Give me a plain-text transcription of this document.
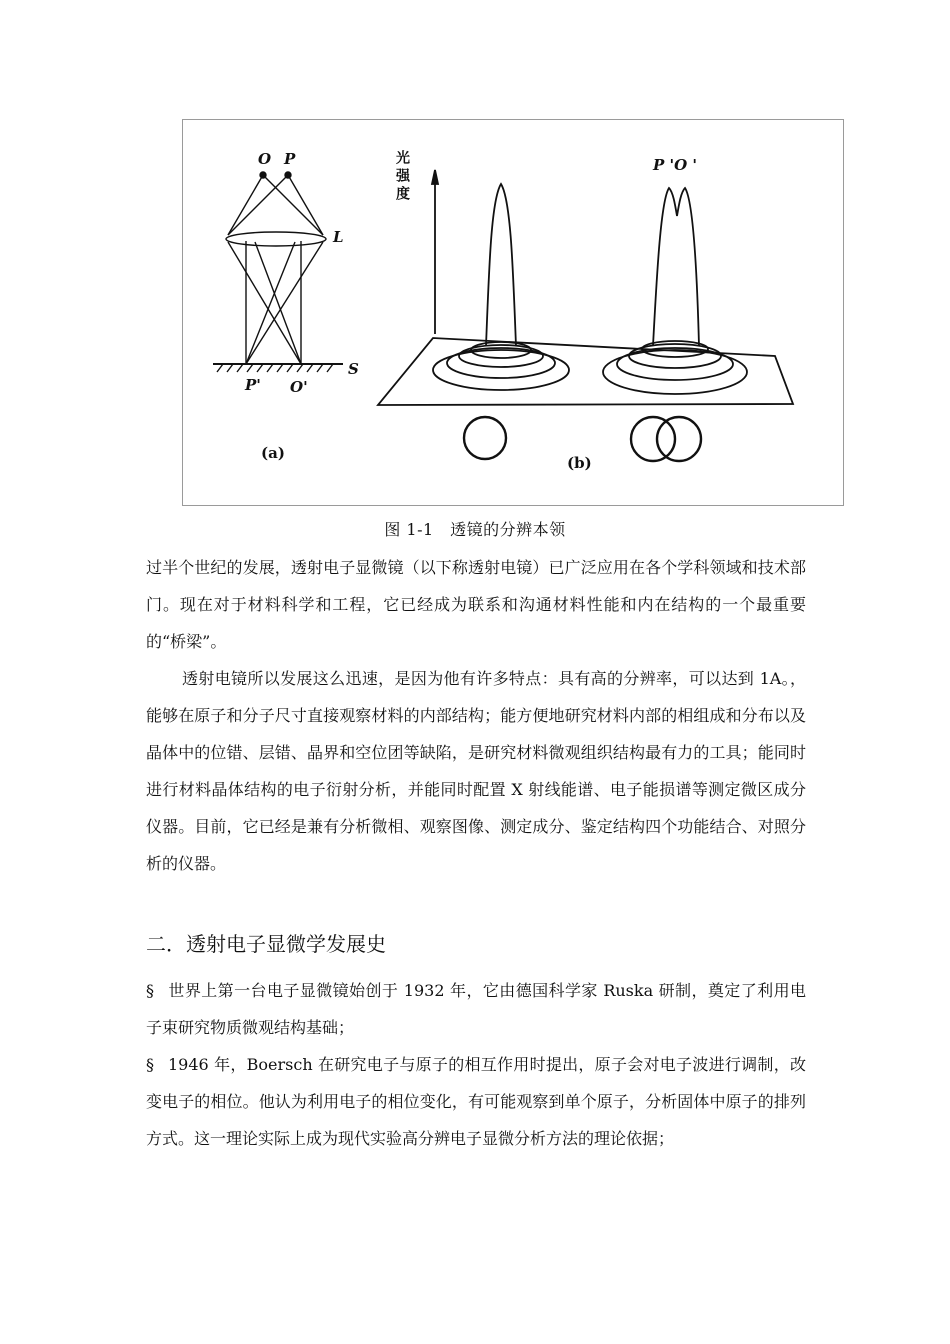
O P
L
S
P' O'
(a)
光强度	P 'O '
(b)
图 1-1　透镜的分辨本领

过半个世纪的发展，透射电子显微镜（以下称透射电镜）已广泛应用在各个学科领域和技术部门。现在对于材料科学和工程，它已经成为联系和沟通材料性能和内在结构的一个最重要的“桥梁”。

透射电镜所以发展这么迅速，是因为他有许多特点：具有高的分辨率，可以达到 1A。，能够在原子和分子尺寸直接观察材料的内部结构；能方便地研究材料内部的相组成和分布以及晶体中的位错、层错、晶界和空位团等缺陷，是研究材料微观组织结构最有力的工具；能同时进行材料晶体结构的电子衍射分析，并能同时配置 X 射线能谱、电子能损谱等测定微区成分仪器。目前，它已经是兼有分析微相、观察图像、测定成分、鉴定结构四个功能结合、对照分析的仪器。

二．透射电子显微学发展史

§ 世界上第一台电子显微镜始创于 1932 年，它由德国科学家 Ruska 研制，奠定了利用电子束研究物质微观结构基础；

§ 1946 年，Boersch 在研究电子与原子的相互作用时提出，原子会对电子波进行调制，改变电子的相位。他认为利用电子的相位变化，有可能观察到单个原子，分析固体中原子的排列方式。这一理论实际上成为现代实验高分辨电子显微分析方法的理论依据；
